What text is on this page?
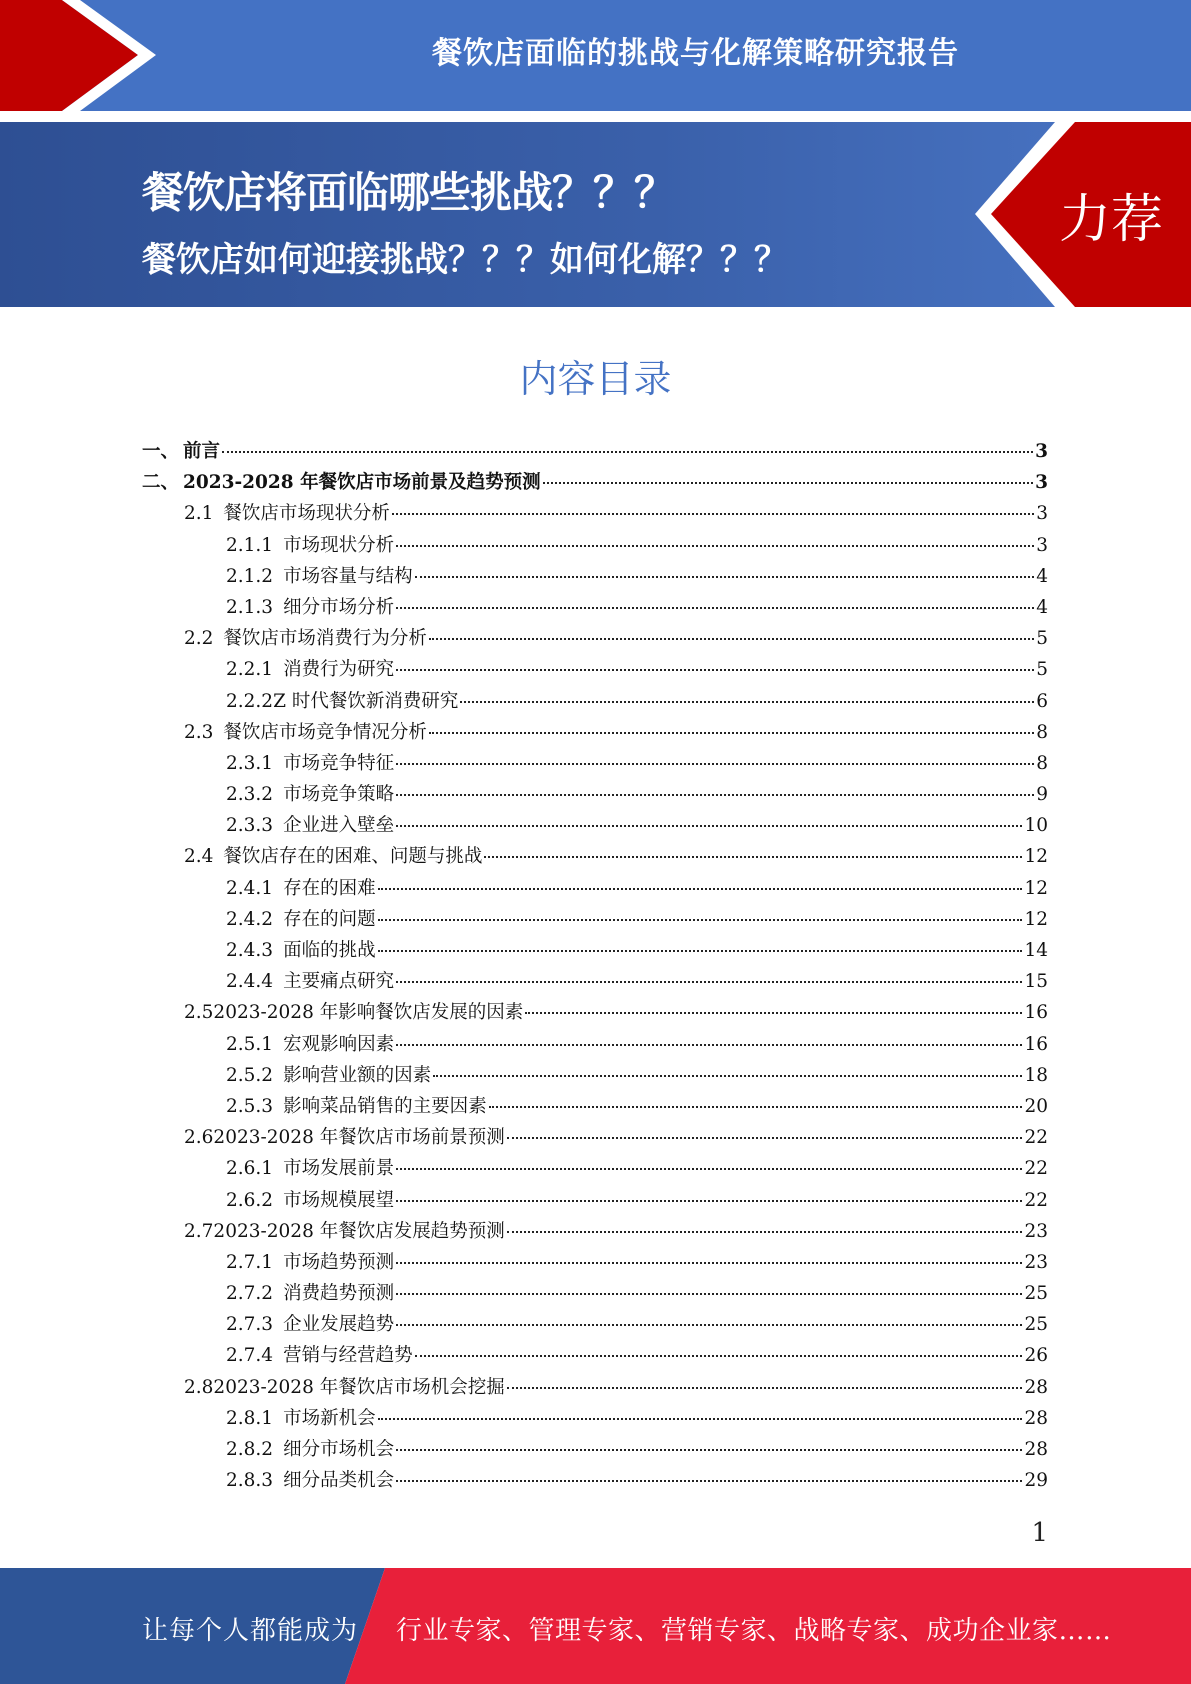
餐饮店面临的挑战与化解策略研究报告
餐饮店将面临哪些挑战？？？
餐饮店如何迎接挑战？？？如何化解？？？
力荐
内容目录
一、 前言	3
二、 2023-2028 年餐饮店市场前景及趋势预测	3
2.1 餐饮店市场现状分析	3
2.1.1 市场现状分析	3
2.1.2 市场容量与结构	4
2.1.3 细分市场分析	4
2.2 餐饮店市场消费行为分析	5
2.2.1 消费行为研究	5
2.2.2 Z 时代餐饮新消费研究	6
2.3 餐饮店市场竞争情况分析	8
2.3.1 市场竞争特征	8
2.3.2 市场竞争策略	9
2.3.3 企业进入壁垒	10
2.4 餐饮店存在的困难、问题与挑战	12
2.4.1 存在的困难	12
2.4.2 存在的问题	12
2.4.3 面临的挑战	14
2.4.4 主要痛点研究	15
2.5 2023-2028 年影响餐饮店发展的因素	16
2.5.1 宏观影响因素	16
2.5.2 影响营业额的因素	18
2.5.3 影响菜品销售的主要因素	20
2.6 2023-2028 年餐饮店市场前景预测	22
2.6.1 市场发展前景	22
2.6.2 市场规模展望	22
2.7 2023-2028 年餐饮店发展趋势预测	23
2.7.1 市场趋势预测	23
2.7.2 消费趋势预测	25
2.7.3 企业发展趋势	25
2.7.4 营销与经营趋势	26
2.8 2023-2028 年餐饮店市场机会挖掘	28
2.8.1 市场新机会	28
2.8.2 细分市场机会	28
2.8.3 细分品类机会	29
1
让每个人都能成为 行业专家、管理专家、营销专家、战略专家、成功企业家……
